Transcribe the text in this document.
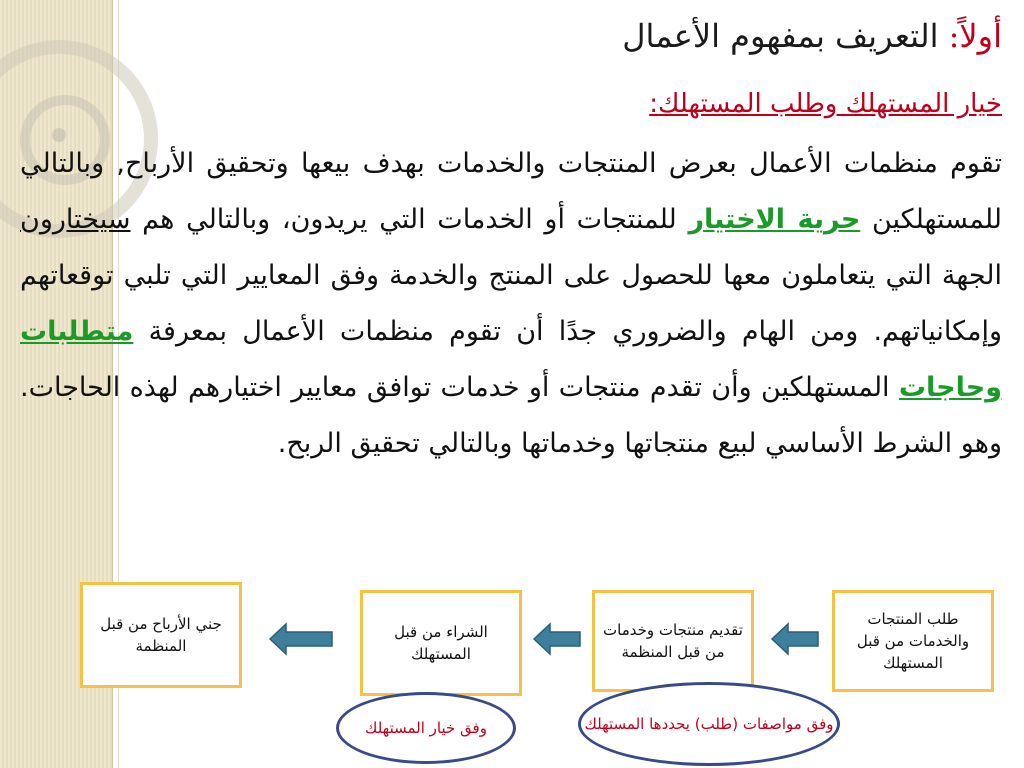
أولاً: التعريف بمفهوم الأعمال
خيار المستهلك وطلب المستهلك:
تقوم منظمات الأعمال بعرض المنتجات والخدمات بهدف بيعها وتحقيق الأرباح, وبالتالي للمستهلكين حرية الاختيار للمنتجات أو الخدمات التي يريدون، وبالتالي هم سيختارون الجهة التي يتعاملون معها للحصول على المنتج والخدمة وفق المعايير التي تلبي توقعاتهم وإمكانياتهم. ومن الهام والضروري جدًا أن تقوم منظمات الأعمال بمعرفة متطلبات وحاجات المستهلكين وأن تقدم منتجات أو خدمات توافق معايير اختيارهم لهذه الحاجات. وهو الشرط الأساسي لبيع منتجاتها وخدماتها وبالتالي تحقيق الربح.
طلب المنتجات والخدمات من قبل المستهلك
تقديم منتجات وخدمات من قبل المنظمة
الشراء من قبل المستهلك
جني الأرباح من قبل المنظمة
وفق مواصفات (طلب) يحددها المستهلك
وفق خيار المستهلك
